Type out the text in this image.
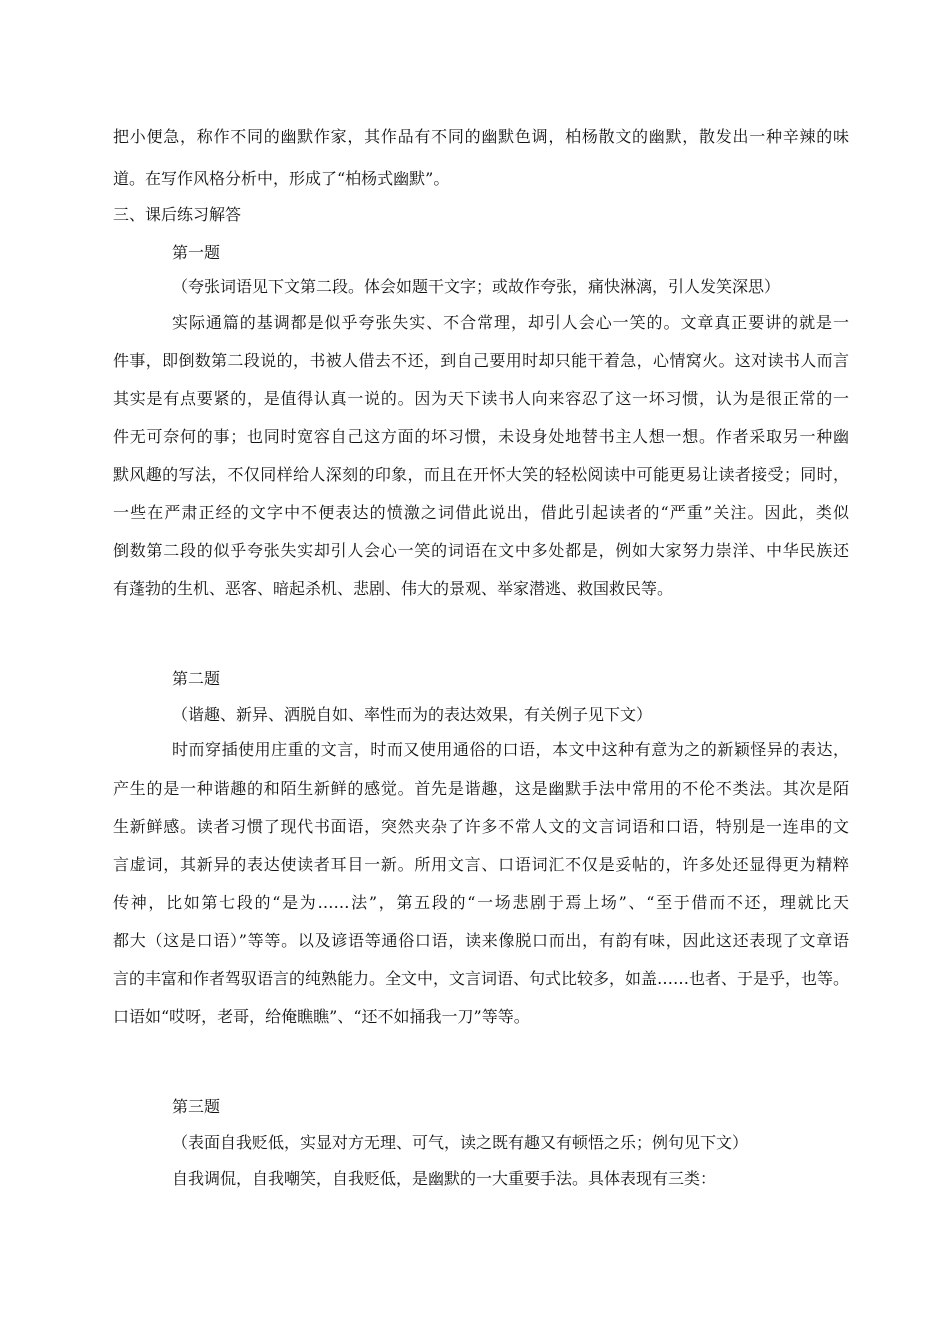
把小便急，称作不同的幽默作家，其作品有不同的幽默色调，柏杨散文的幽默，散发出一种辛辣的味
道。在写作风格分析中，形成了“柏杨式幽默”。
三、课后练习解答
第一题
（夸张词语见下文第二段。体会如题干文字；或故作夸张，痛快淋漓，引人发笑深思）
实际通篇的基调都是似乎夸张失实、不合常理，却引人会心一笑的。文章真正要讲的就是一
件事，即倒数第二段说的，书被人借去不还，到自己要用时却只能干着急，心情窝火。这对读书人而言
其实是有点要紧的，是值得认真一说的。因为天下读书人向来容忍了这一坏习惯，认为是很正常的一
件无可奈何的事；也同时宽容自己这方面的坏习惯，未设身处地替书主人想一想。作者采取另一种幽
默风趣的写法，不仅同样给人深刻的印象，而且在开怀大笑的轻松阅读中可能更易让读者接受；同时，
一些在严肃正经的文字中不便表达的愤激之词借此说出，借此引起读者的“严重”关注。因此，类似
倒数第二段的似乎夸张失实却引人会心一笑的词语在文中多处都是，例如大家努力崇洋、中华民族还
有蓬勃的生机、恶客、暗起杀机、悲剧、伟大的景观、举家潜逃、救国救民等。
第二题
（谐趣、新异、洒脱自如、率性而为的表达效果，有关例子见下文）
时而穿插使用庄重的文言，时而又使用通俗的口语，本文中这种有意为之的新颖怪异的表达，
产生的是一种谐趣的和陌生新鲜的感觉。首先是谐趣，这是幽默手法中常用的不伦不类法。其次是陌
生新鲜感。读者习惯了现代书面语，突然夹杂了许多不常人文的文言词语和口语，特别是一连串的文
言虚词，其新异的表达使读者耳目一新。所用文言、口语词汇不仅是妥帖的，许多处还显得更为精粹
传神，比如第七段的“是为……法”，第五段的“一场悲剧于焉上场”、“至于借而不还，理就比天
都大（这是口语）”等等。以及谚语等通俗口语，读来像脱口而出，有韵有味，因此这还表现了文章语
言的丰富和作者驾驭语言的纯熟能力。全文中，文言词语、句式比较多，如盖……也者、于是乎，也等。
口语如“哎呀，老哥，给俺瞧瞧”、“还不如捅我一刀”等等。
第三题
（表面自我贬低，实显对方无理、可气，读之既有趣又有顿悟之乐；例句见下文）
自我调侃，自我嘲笑，自我贬低，是幽默的一大重要手法。具体表现有三类：
